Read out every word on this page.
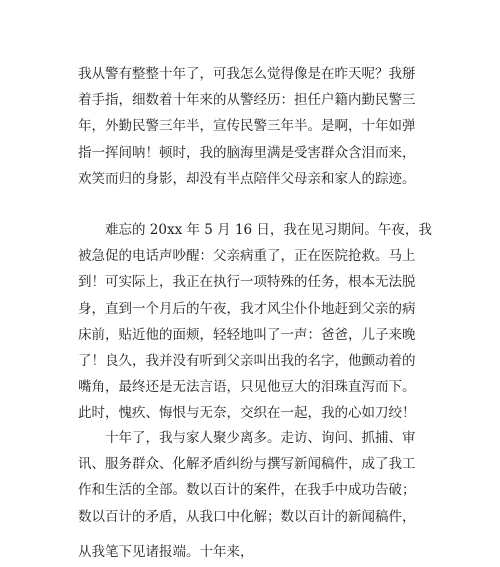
我从警有整整十年了，可我怎么觉得像是在昨天呢？我掰
着手指，细数着十年来的从警经历：担任户籍内勤民警三
年，外勤民警三年半，宣传民警三年半。是啊，十年如弹
指一挥间呐！顿时，我的脑海里满是受害群众含泪而来，
欢笑而归的身影，却没有半点陪伴父母亲和家人的踪迹。
难忘的 20xx 年 5 月 16 日，我在见习期间。午夜，我
被急促的电话声吵醒：父亲病重了，正在医院抢救。马上
到！可实际上，我正在执行一项特殊的任务，根本无法脱
身，直到一个月后的午夜，我才风尘仆仆地赶到父亲的病
床前，贴近他的面颊，轻轻地叫了一声：爸爸，儿子来晚
了！良久，我并没有听到父亲叫出我的名字，他颤动着的
嘴角，最终还是无法言语，只见他豆大的泪珠直泻而下。
此时，愧疚、悔恨与无奈，交织在一起，我的心如刀绞！
十年了，我与家人聚少离多。走访、询问、抓捕、审
讯、服务群众、化解矛盾纠纷与撰写新闻稿件，成了我工
作和生活的全部。数以百计的案件，在我手中成功告破；
数以百计的矛盾，从我口中化解；数以百计的新闻稿件，
从我笔下见诸报端。十年来，
